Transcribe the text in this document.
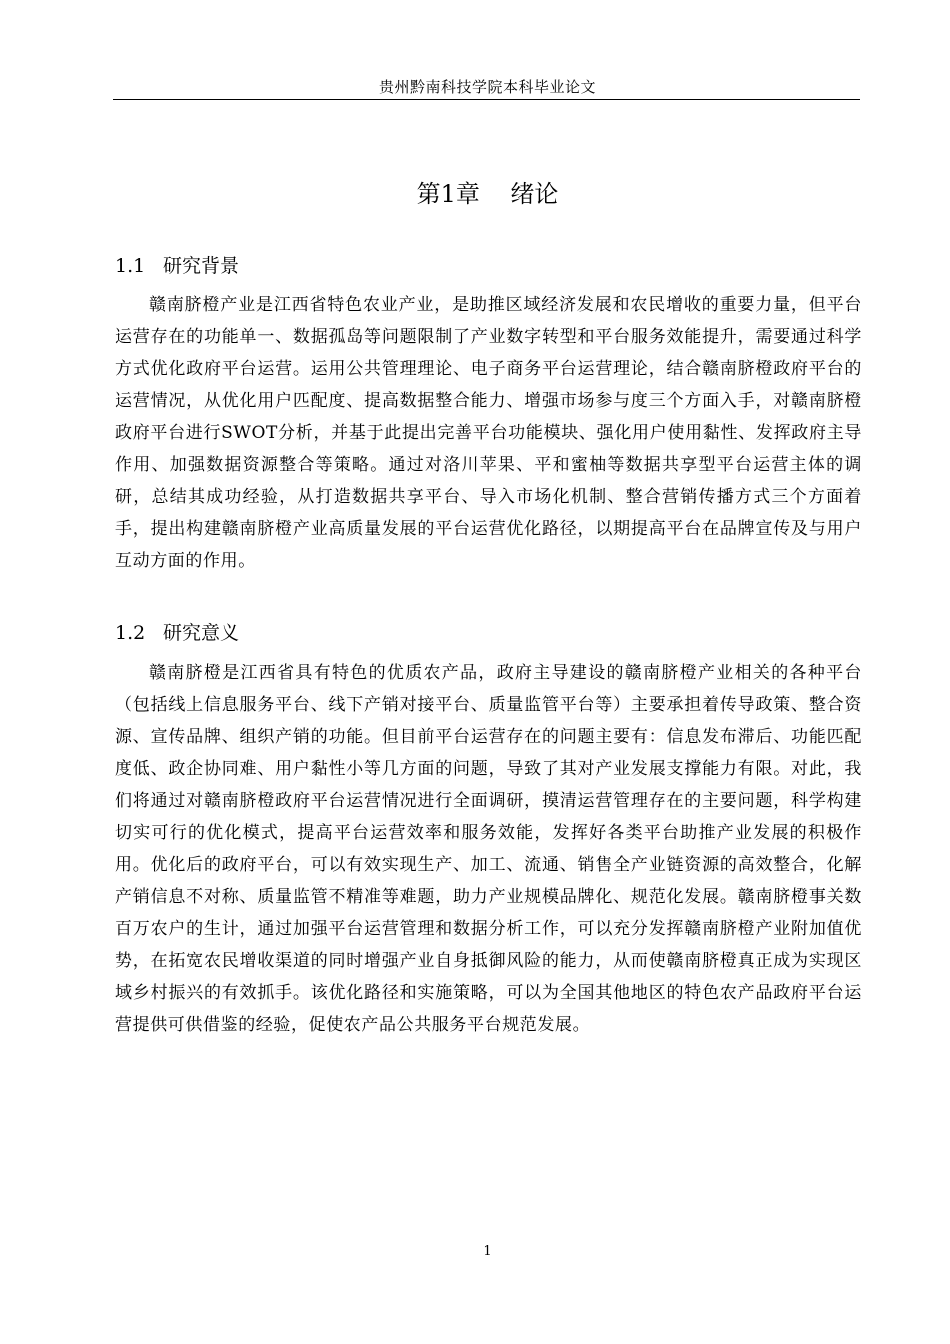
贵州黔南科技学院本科毕业论文
第1章    绪论
1.1 研究背景

赣南脐橙产业是江西省特色农业产业，是助推区域经济发展和农民增收的重要力量，但平台运营存在的功能单一、数据孤岛等问题限制了产业数字转型和平台服务效能提升，需要通过科学方式优化政府平台运营。运用公共管理理论、电子商务平台运营理论，结合赣南脐橙政府平台的运营情况，从优化用户匹配度、提高数据整合能力、增强市场参与度三个方面入手，对赣南脐橙政府平台进行SWOT分析，并基于此提出完善平台功能模块、强化用户使用黏性、发挥政府主导作用、加强数据资源整合等策略。通过对洛川苹果、平和蜜柚等数据共享型平台运营主体的调研，总结其成功经验，从打造数据共享平台、导入市场化机制、整合营销传播方式三个方面着手，提出构建赣南脐橙产业高质量发展的平台运营优化路径，以期提高平台在品牌宣传及与用户互动方面的作用。

1.2 研究意义

赣南脐橙是江西省具有特色的优质农产品，政府主导建设的赣南脐橙产业相关的各种平台（包括线上信息服务平台、线下产销对接平台、质量监管平台等）主要承担着传导政策、整合资源、宣传品牌、组织产销的功能。但目前平台运营存在的问题主要有：信息发布滞后、功能匹配度低、政企协同难、用户黏性小等几方面的问题，导致了其对产业发展支撑能力有限。对此，我们将通过对赣南脐橙政府平台运营情况进行全面调研，摸清运营管理存在的主要问题，科学构建切实可行的优化模式，提高平台运营效率和服务效能，发挥好各类平台助推产业发展的积极作用。优化后的政府平台，可以有效实现生产、加工、流通、销售全产业链资源的高效整合，化解产销信息不对称、质量监管不精准等难题，助力产业规模品牌化、规范化发展。赣南脐橙事关数百万农户的生计，通过加强平台运营管理和数据分析工作，可以充分发挥赣南脐橙产业附加值优势，在拓宽农民增收渠道的同时增强产业自身抵御风险的能力，从而使赣南脐橙真正成为实现区域乡村振兴的有效抓手。该优化路径和实施策略，可以为全国其他地区的特色农产品政府平台运营提供可供借鉴的经验，促使农产品公共服务平台规范发展。

1
